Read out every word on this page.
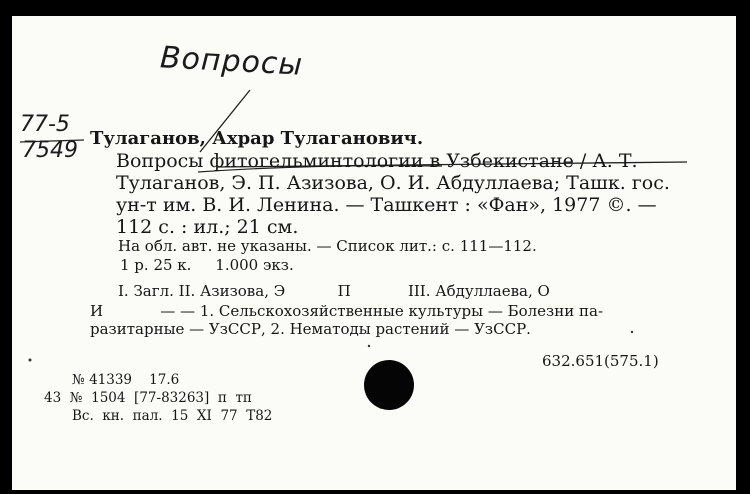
Вопросы
77-5
7549 Тулаганов, Ахрар Тулаганович.
Вопросы фитогельминтологии в Узбекистане / А. Т.
Тулаганов, Э. П. Азизова, О. И. Абдуллаева; Ташк. гос.
ун-т им. В. И. Ленина. — Ташкент : «Фан», 1977 ©. —
112 с. : ил.; 21 см.
На обл. авт. не указаны. — Список лит.: с. 111—112.
1 р. 25 к.     1.000 экз.
I. Загл. II. Азизова, Э           П            III. Абдуллаева, О
И            — — 1. Сельскохозяйственные культуры — Болезни па-
разитарные — УзССР, 2. Нематоды растений — УзССР.
632.651(575.1)
№ 41339    17.6
43  №  1504  [77-83263]  п  тп
Вс.  кн.  пал.  15  XI  77  Т82
